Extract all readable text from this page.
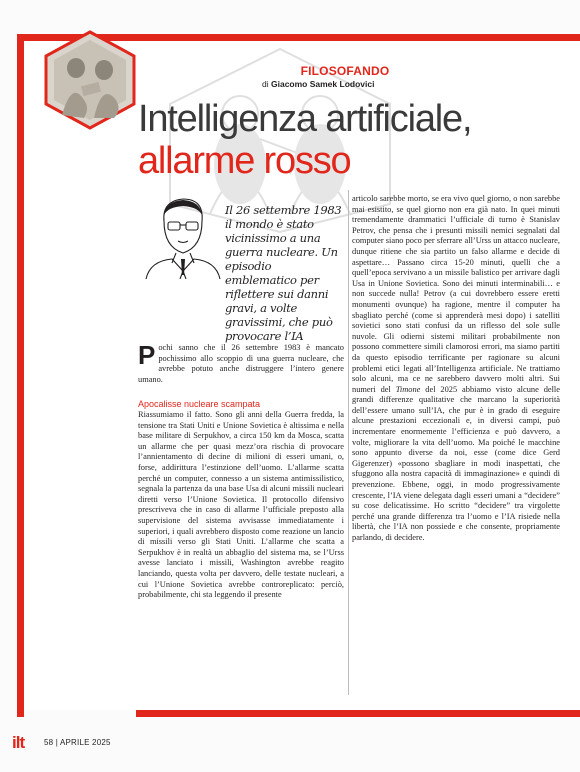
FILOSOFANDO
di Giacomo Samek Lodovici
Intelligenza artificiale,
allarme rosso
Il 26 settembre 1983 il mondo è stato vicinissimo a una guerra nucleare. Un episodio emblematico per riflettere sui danni gravi, a volte gravissimi, che può provocare l’IA
Pochi sanno che il 26 settembre 1983 è mancato pochissimo allo scoppio di una guerra nucleare, che avrebbe potuto anche distruggere l’intero genere umano.
Apocalisse nucleare scampata
Riassumiamo il fatto. Sono gli anni della Guerra fredda, la tensione tra Stati Uniti e Unione Sovietica è altissima e nella base militare di Serpukhov, a circa 150 km da Mosca, scatta un allarme che per quasi mezz’ora rischia di provocare l’annientamento di decine di milioni di esseri umani, o, forse, addirittura l’estinzione dell’uomo. L’allarme scatta perché un computer, connesso a un sistema antimissilistico, segnala la partenza da una base Usa di alcuni missili nucleari diretti verso l’Unione Sovietica. Il protocollo difensivo prescriveva che in caso di allarme l’ufficiale preposto alla supervisione del sistema avvisasse immediatamente i superiori, i quali avrebbero disposto come reazione un lancio di missili verso gli Stati Uniti. L’allarme che scatta a Serpukhov è in realtà un abbaglio del sistema ma, se l’Urss avesse lanciato i missili, Washington avrebbe reagito lanciando, questa volta per davvero, delle testate nucleari, a cui l’Unione Sovietica avrebbe controreplicato: perciò, probabilmente, chi sta leggendo il presente
articolo sarebbe morto, se era vivo quel giorno, o non sarebbe mai esistito, se quel giorno non era già nato. In quei minuti tremendamente drammatici l’ufficiale di turno è Stanislav Petrov, che pensa che i presunti missili nemici segnalati dal computer siano poco per sferrare all’Urss un attacco nucleare, dunque ritiene che sia partito un falso allarme e decide di aspettare… Passano circa 15-20 minuti, quelli che a quell’epoca servivano a un missile balistico per arrivare dagli Usa in Unione Sovietica. Sono dei minuti interminabili… e non succede nulla! Petrov (a cui dovrebbero essere eretti monumenti ovunque) ha ragione, mentre il computer ha sbagliato perché (come si apprenderà mesi dopo) i satelliti sovietici sono stati confusi da un riflesso del sole sulle nuvole. Gli odierni sistemi militari probabilmente non possono commettere simili clamorosi errori, ma siamo partiti da questo episodio terrificante per ragionare su alcuni problemi etici legati all’Intelligenza artificiale. Ne trattiamo solo alcuni, ma ce ne sarebbero davvero molti altri. Sui numeri del Timone del 2025 abbiamo visto alcune delle grandi differenze qualitative che marcano la superiorità dell’essere umano sull’IA, che pur è in grado di eseguire alcune prestazioni eccezionali e, in diversi campi, può incrementare enormemente l’efficienza e può davvero, a volte, migliorare la vita dell’uomo. Ma poiché le macchine sono appunto diverse da noi, esse (come dice Gerd Gigerenzer) «possono sbagliare in modi inaspettati, che sfuggono alla nostra capacità di immaginazione» e quindi di prevenzione. Ebbene, oggi, in modo progressivamente crescente, l’IA viene delegata dagli esseri umani a “decidere” su cose delicatissime. Ho scritto “decidere” tra virgolette perché una grande differenza tra l’uomo e l’IA risiede nella libertà, che l’IA non possiede e che consente, propriamente parlando, di decidere.
ilt 58 | APRILE 2025
